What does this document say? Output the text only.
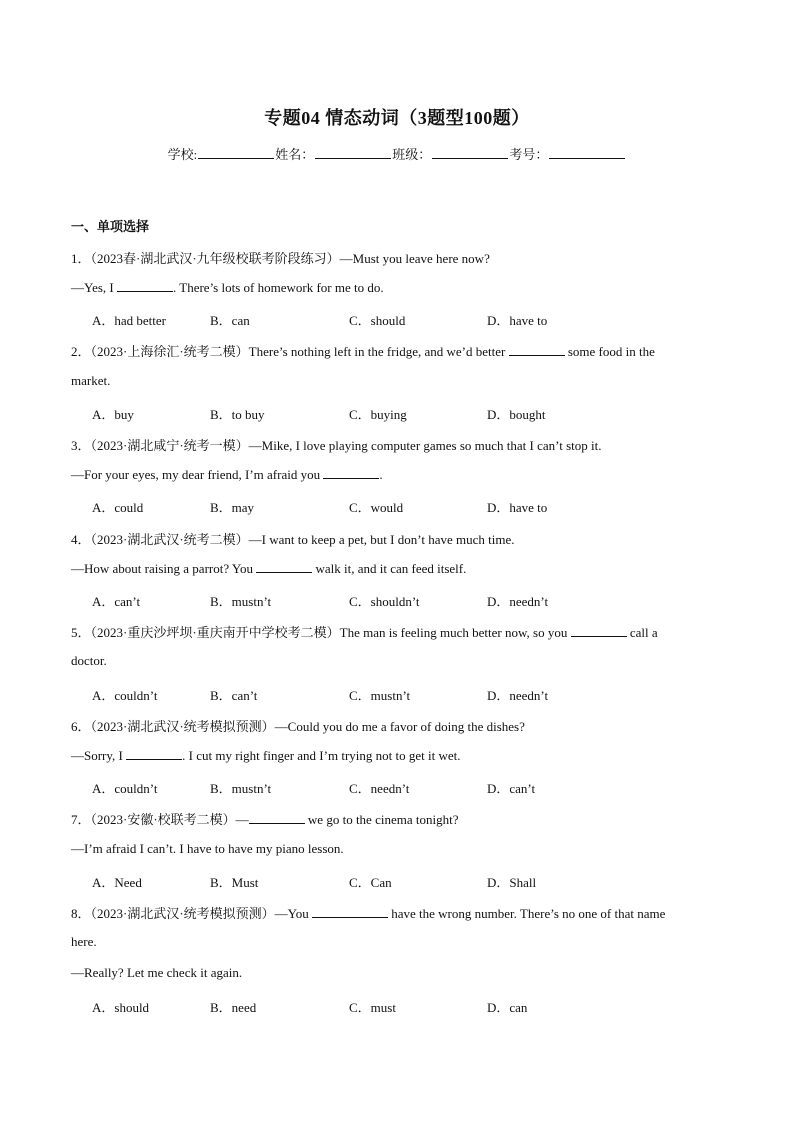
专题04 情态动词（3题型100题）
学校:	姓名：	班级：	考号：
一、单项选择
1．（2023春·湖北武汉·九年级校联考阶段练习）—Must you leave here now?
—Yes, I	. There’s lots of homework for me to do.
A．had better	B．can	C．should	D．have to
2．（2023·上海徐汇·统考二模）There’s nothing left in the fridge, and we’d better	some food in the
market.
A．buy	B．to buy	C．buying	D．bought
3．（2023·湖北咸宁·统考一模）—Mike, I love playing computer games so much that I can’t stop it.
—For your eyes, my dear friend, I’m afraid you	.
A．could	B．may	C．would	D．have to
4．（2023·湖北武汉·统考二模）—I want to keep a pet, but I don’t have much time.
—How about raising a parrot? You	walk it, and it can feed itself.
A．can’t	B．mustn’t	C．shouldn’t	D．needn’t
5．（2023·重庆沙坪坝·重庆南开中学校考二模）The man is feeling much better now, so you	call a
doctor.
A．couldn’t	B．can’t	C．mustn’t	D．needn’t
6．（2023·湖北武汉·统考模拟预测）—Could you do me a favor of doing the dishes?
—Sorry, I	. I cut my right finger and I’m trying not to get it wet.
A．couldn’t	B．mustn’t	C．needn’t	D．can’t
7．（2023·安徽·校联考二模）—	we go to the cinema tonight?
—I’m afraid I can’t. I have to have my piano lesson.
A．Need	B．Must	C．Can	D．Shall
8．（2023·湖北武汉·统考模拟预测）—You	have the wrong number. There’s no one of that name
here.
—Really? Let me check it again.
A．should	B．need	C．must	D．can
